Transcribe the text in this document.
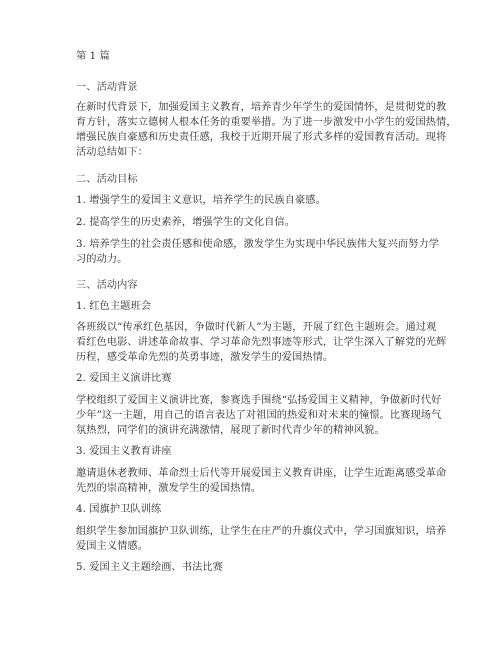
第 1 篇
一、活动背景
在新时代背景下，加强爱国主义教育，培养青少年学生的爱国情怀，是贯彻党的教
育方针，落实立德树人根本任务的重要举措。为了进一步激发中小学生的爱国热情，
增强民族自豪感和历史责任感，我校于近期开展了形式多样的爱国教育活动。现将
活动总结如下：
二、活动目标
1. 增强学生的爱国主义意识，培养学生的民族自豪感。
2. 提高学生的历史素养，增强学生的文化自信。
3. 培养学生的社会责任感和使命感，激发学生为实现中华民族伟大复兴而努力学
习的动力。
三、活动内容
1. 红色主题班会
各班级以“传承红色基因，争做时代新人”为主题，开展了红色主题班会。通过观
看红色电影、讲述革命故事、学习革命先烈事迹等形式，让学生深入了解党的光辉
历程，感受革命先烈的英勇事迹，激发学生的爱国热情。
2. 爱国主义演讲比赛
学校组织了爱国主义演讲比赛，参赛选手围绕“弘扬爱国主义精神，争做新时代好
少年”这一主题，用自己的语言表达了对祖国的热爱和对未来的憧憬。比赛现场气
氛热烈，同学们的演讲充满激情，展现了新时代青少年的精神风貌。
3. 爱国主义教育讲座
邀请退休老教师、革命烈士后代等开展爱国主义教育讲座，让学生近距离感受革命
先烈的崇高精神，激发学生的爱国热情。
4. 国旗护卫队训练
组织学生参加国旗护卫队训练，让学生在庄严的升旗仪式中，学习国旗知识，培养
爱国主义情感。
5. 爱国主义主题绘画、书法比赛
